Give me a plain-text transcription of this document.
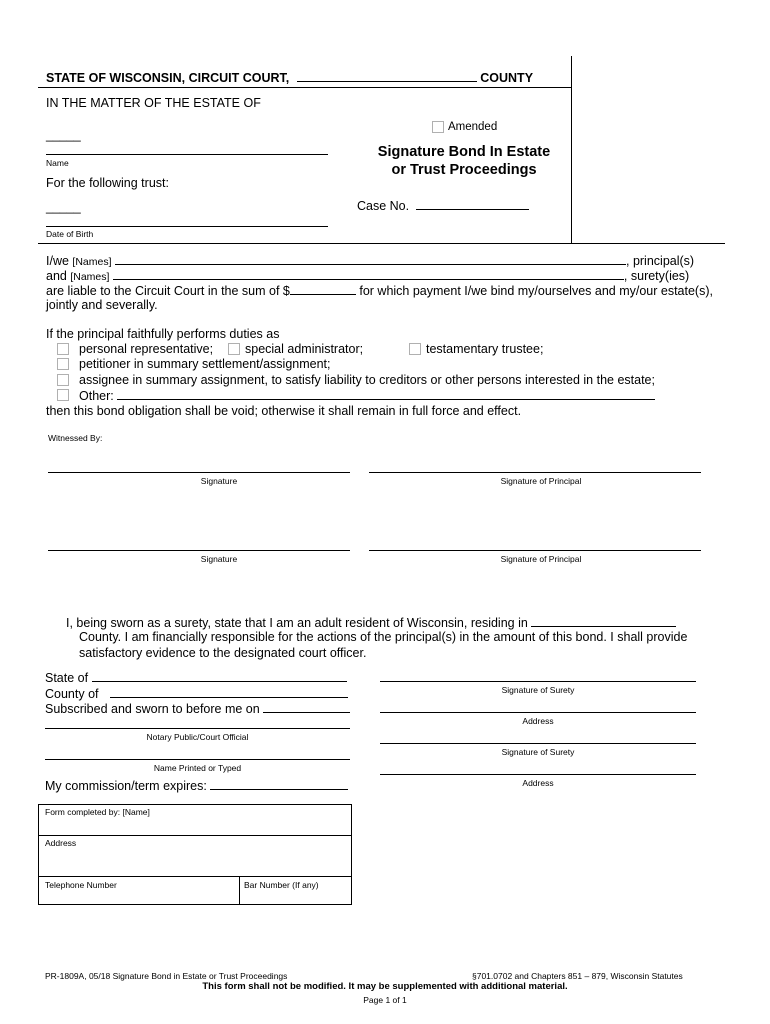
STATE OF WISCONSIN, CIRCUIT COURT,	COUNTY
IN THE MATTER OF THE ESTATE OF
_____
Name
For the following trust:
_____
Date of Birth
Amended
Signature Bond In Estate
or Trust Proceedings
Case No.
I/we [Names]	, principal(s)
and [Names]	, surety(ies)
are liable to the Circuit Court in the sum of $	for which payment I/we bind my/ourselves and my/our estate(s),
jointly and severally.
If the principal faithfully performs duties as
personal representative;	special administrator;	testamentary trustee;
petitioner in summary settlement/assignment;
assignee in summary assignment, to satisfy liability to creditors or other persons interested in the estate;
Other:
then this bond obligation shall be void; otherwise it shall remain in full force and effect.
Witnessed By:
Signature	Signature of Principal
Signature	Signature of Principal
I, being sworn as a surety, state that I am an adult resident of Wisconsin, residing in
County. I am financially responsible for the actions of the principal(s) in the amount of this bond. I shall provide
satisfactory evidence to the designated court officer.
State of
County of
Subscribed and sworn to before me on
Notary Public/Court Official
Name Printed or Typed
My commission/term expires:
Signature of Surety
Address
Signature of Surety
Address
Form completed by: [Name]
Address
Telephone Number	Bar Number (If any)
PR-1809A, 05/18 Signature Bond in Estate or Trust Proceedings	§701.0702 and Chapters 851 – 879, Wisconsin Statutes
This form shall not be modified. It may be supplemented with additional material.
Page 1 of 1
